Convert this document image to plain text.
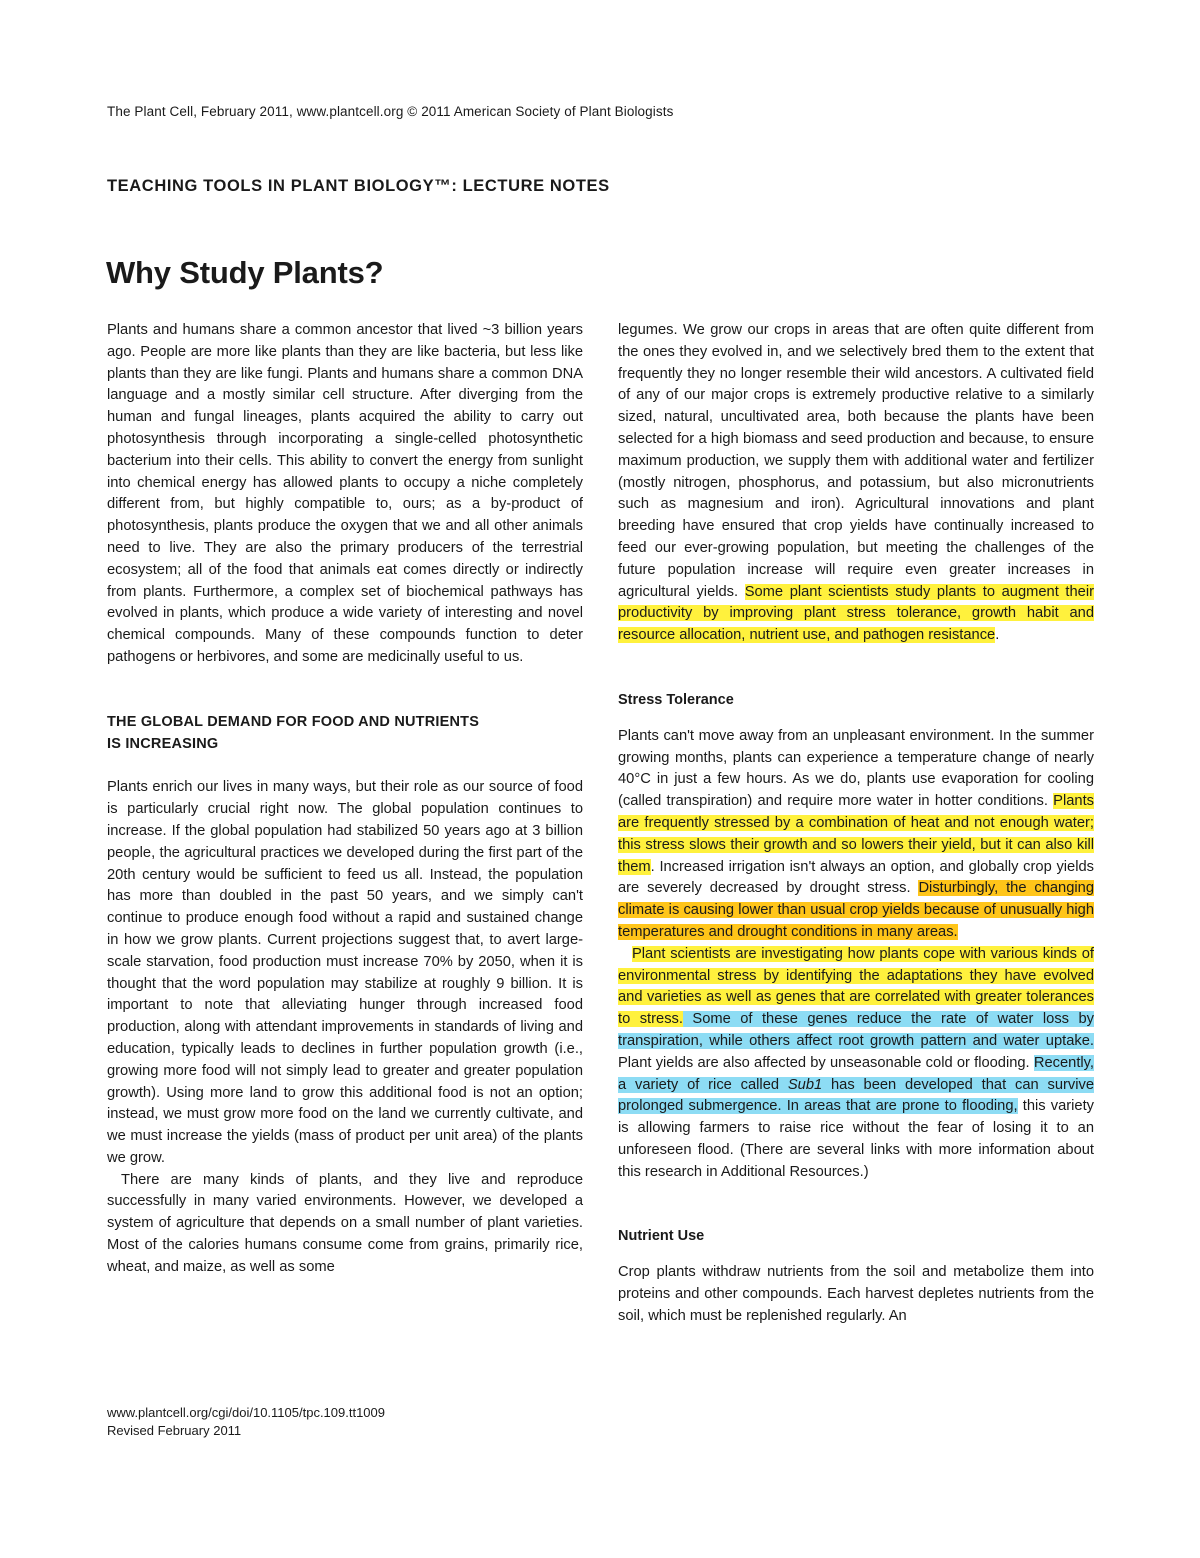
The Plant Cell, February 2011, www.plantcell.org © 2011 American Society of Plant Biologists
TEACHING TOOLS IN PLANT BIOLOGY™: LECTURE NOTES
Why Study Plants?

Plants and humans share a common ancestor that lived ~3 billion years ago. People are more like plants than they are like bacteria, but less like plants than they are like fungi. Plants and humans share a common DNA language and a mostly similar cell structure. After diverging from the human and fungal lineages, plants acquired the ability to carry out photosynthesis through incorporating a single-celled photosynthetic bacterium into their cells. This ability to convert the energy from sunlight into chemical energy has allowed plants to occupy a niche completely different from, but highly compatible to, ours; as a by-product of photosynthesis, plants produce the oxygen that we and all other animals need to live. They are also the primary producers of the terrestrial ecosystem; all of the food that animals eat comes directly or indirectly from plants. Furthermore, a complex set of biochemical pathways has evolved in plants, which produce a wide variety of interesting and novel chemical compounds. Many of these compounds function to deter pathogens or herbivores, and some are medicinally useful to us.

THE GLOBAL DEMAND FOR FOOD AND NUTRIENTS
IS INCREASING

Plants enrich our lives in many ways, but their role as our source of food is particularly crucial right now. The global population continues to increase. If the global population had stabilized 50 years ago at 3 billion people, the agricultural practices we developed during the first part of the 20th century would be sufficient to feed us all. Instead, the population has more than doubled in the past 50 years, and we simply can't continue to produce enough food without a rapid and sustained change in how we grow plants. Current projections suggest that, to avert large-scale starvation, food production must increase 70% by 2050, when it is thought that the word population may stabilize at roughly 9 billion. It is important to note that alleviating hunger through increased food production, along with attendant improvements in standards of living and education, typically leads to declines in further population growth (i.e., growing more food will not simply lead to greater and greater population growth). Using more land to grow this additional food is not an option; instead, we must grow more food on the land we currently cultivate, and we must increase the yields (mass of product per unit area) of the plants we grow.

There are many kinds of plants, and they live and reproduce successfully in many varied environments. However, we developed a system of agriculture that depends on a small number of plant varieties. Most of the calories humans consume come from grains, primarily rice, wheat, and maize, as well as some

legumes. We grow our crops in areas that are often quite different from the ones they evolved in, and we selectively bred them to the extent that frequently they no longer resemble their wild ancestors. A cultivated field of any of our major crops is extremely productive relative to a similarly sized, natural, uncultivated area, both because the plants have been selected for a high biomass and seed production and because, to ensure maximum production, we supply them with additional water and fertilizer (mostly nitrogen, phosphorus, and potassium, but also micronutrients such as magnesium and iron). Agricultural innovations and plant breeding have ensured that crop yields have continually increased to feed our ever-growing population, but meeting the challenges of the future population increase will require even greater increases in agricultural yields. Some plant scientists study plants to augment their productivity by improving plant stress tolerance, growth habit and resource allocation, nutrient use, and pathogen resistance.

Stress Tolerance

Plants can't move away from an unpleasant environment. In the summer growing months, plants can experience a temperature change of nearly 40°C in just a few hours. As we do, plants use evaporation for cooling (called transpiration) and require more water in hotter conditions. Plants are frequently stressed by a combination of heat and not enough water; this stress slows their growth and so lowers their yield, but it can also kill them. Increased irrigation isn't always an option, and globally crop yields are severely decreased by drought stress. Disturbingly, the changing climate is causing lower than usual crop yields because of unusually high temperatures and drought conditions in many areas.

Plant scientists are investigating how plants cope with various kinds of environmental stress by identifying the adaptations they have evolved and varieties as well as genes that are correlated with greater tolerances to stress. Some of these genes reduce the rate of water loss by transpiration, while others affect root growth pattern and water uptake. Plant yields are also affected by unseasonable cold or flooding. Recently, a variety of rice called Sub1 has been developed that can survive prolonged submergence. In areas that are prone to flooding, this variety is allowing farmers to raise rice without the fear of losing it to an unforeseen flood. (There are several links with more information about this research in Additional Resources.)

Nutrient Use

Crop plants withdraw nutrients from the soil and metabolize them into proteins and other compounds. Each harvest depletes nutrients from the soil, which must be replenished regularly. An

www.plantcell.org/cgi/doi/10.1105/tpc.109.tt1009
Revised February 2011
